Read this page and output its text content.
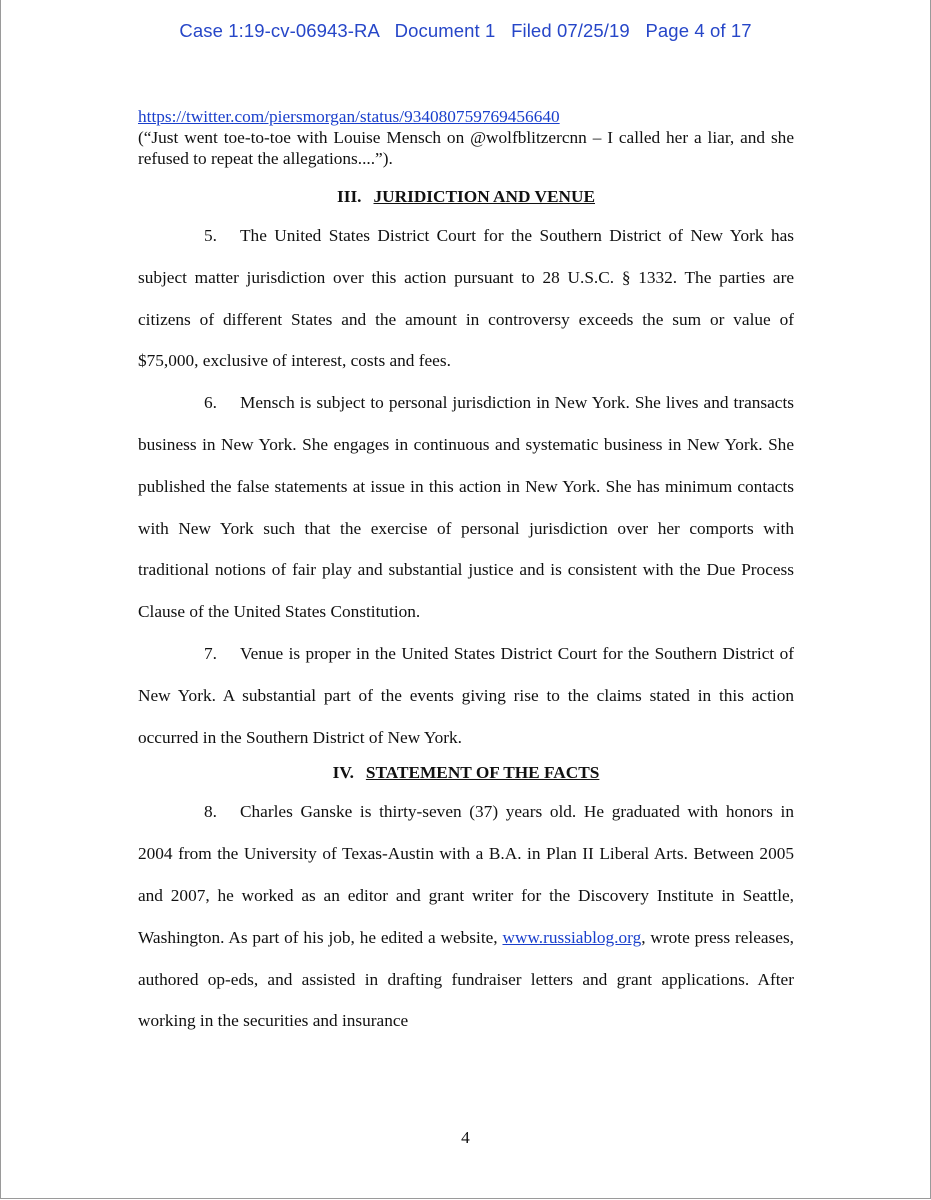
Case 1:19-cv-06943-RA   Document 1   Filed 07/25/19   Page 4 of 17

https://twitter.com/piersmorgan/status/934080759769456640

(“Just went toe-to-toe with Louise Mensch on @wolfblitzercnn – I called her a liar, and she refused to repeat the allegations....”).

III. JURIDICTION AND VENUE

5. The United States District Court for the Southern District of New York has subject matter jurisdiction over this action pursuant to 28 U.S.C. § 1332. The parties are citizens of different States and the amount in controversy exceeds the sum or value of $75,000, exclusive of interest, costs and fees.

6. Mensch is subject to personal jurisdiction in New York. She lives and transacts business in New York. She engages in continuous and systematic business in New York. She published the false statements at issue in this action in New York. She has minimum contacts with New York such that the exercise of personal jurisdiction over her comports with traditional notions of fair play and substantial justice and is consistent with the Due Process Clause of the United States Constitution.

7. Venue is proper in the United States District Court for the Southern District of New York. A substantial part of the events giving rise to the claims stated in this action occurred in the Southern District of New York.

IV. STATEMENT OF THE FACTS

8. Charles Ganske is thirty-seven (37) years old. He graduated with honors in 2004 from the University of Texas-Austin with a B.A. in Plan II Liberal Arts. Between 2005 and 2007, he worked as an editor and grant writer for the Discovery Institute in Seattle, Washington. As part of his job, he edited a website, www.russiablog.org, wrote press releases, authored op-eds, and assisted in drafting fundraiser letters and grant applications. After working in the securities and insurance

4
